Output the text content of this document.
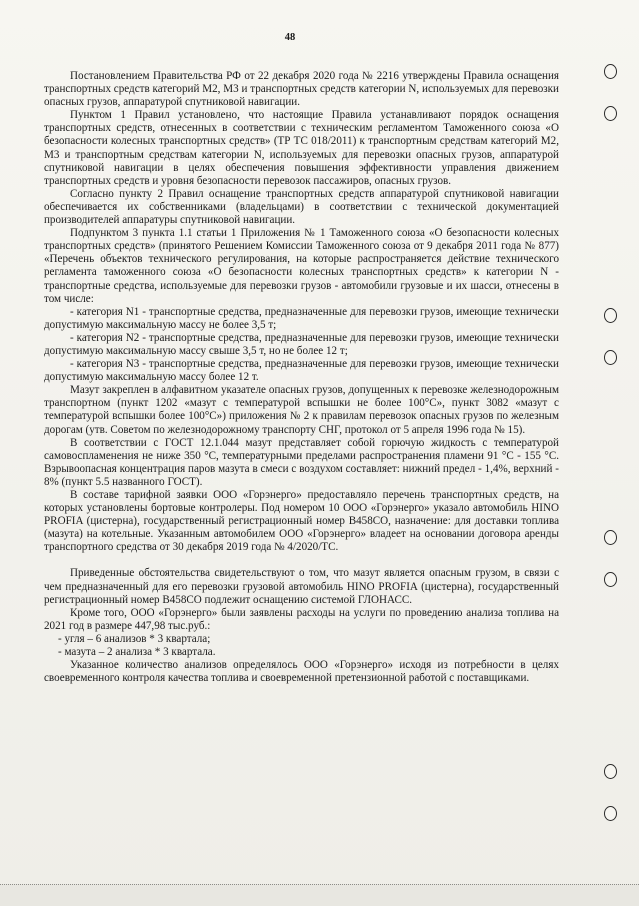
48

Постановлением Правительства РФ от 22 декабря 2020 года № 2216 утверждены Правила оснащения транспортных средств категорий М2, М3 и транспортных средств категории N, используемых для перевозки опасных грузов, аппаратурой спутниковой навигации.

Пунктом 1 Правил установлено, что настоящие Правила устанавливают порядок оснащения транспортных средств, отнесенных в соответствии с техническим регламентом Таможенного союза «О безопасности колесных транспортных средств» (ТР ТС 018/2011) к транспортным средствам категорий М2, М3 и транспортным средствам категории N, используемых для перевозки опасных грузов, аппаратурой спутниковой навигации в целях обеспечения повышения эффективности управления движением транспортных средств и уровня безопасности перевозок пассажиров, опасных грузов.

Согласно пункту 2 Правил оснащение транспортных средств аппаратурой спутниковой навигации обеспечивается их собственниками (владельцами) в соответствии с технической документацией производителей аппаратуры спутниковой навигации.

Подпунктом 3 пункта 1.1 статьи 1 Приложения № 1 Таможенного союза «О безопасности колесных транспортных средств» (принятого Решением Комиссии Таможенного союза от 9 декабря 2011 года № 877) «Перечень объектов технического регулирования, на которые распространяется действие технического регламента таможенного союза «О безопасности колесных транспортных средств» к категории N - транспортные средства, используемые для перевозки грузов - автомобили грузовые и их шасси, отнесены в том числе:

- категория N1 - транспортные средства, предназначенные для перевозки грузов, имеющие технически допустимую максимальную массу не более 3,5 т;

- категория N2 - транспортные средства, предназначенные для перевозки грузов, имеющие технически допустимую максимальную массу свыше 3,5 т, но не более 12 т;

- категория N3 - транспортные средства, предназначенные для перевозки грузов, имеющие технически допустимую максимальную массу более 12 т.

Мазут закреплен в алфавитном указателе опасных грузов, допущенных к перевозке железнодорожным транспортном (пункт 1202 «мазут с температурой вспышки не более 100°С», пункт 3082 «мазут с температурой вспышки более 100°С») приложения № 2 к правилам перевозок опасных грузов по железным дорогам (утв. Советом по железнодорожному транспорту СНГ, протокол от 5 апреля 1996 года № 15).

В соответствии с ГОСТ 12.1.044 мазут представляет собой горючую жидкость с температурой самовоспламенения не ниже 350 °С, температурными пределами распространения пламени 91 °С - 155 °С. Взрывоопасная концентрация паров мазута в смеси с воздухом составляет: нижний предел - 1,4%, верхний - 8% (пункт 5.5 названного ГОСТ).

В составе тарифной заявки ООО «Горэнерго» предоставляло перечень транспортных средств, на которых установлены бортовые контролеры. Под номером 10 ООО «Горэнерго» указало автомобиль HINO PROFIA (цистерна), государственный регистрационный номер В458СО, назначение: для доставки топлива (мазута) на котельные. Указанным автомобилем ООО «Горэнерго» владеет на основании договора аренды транспортного средства от 30 декабря 2019 года № 4/2020/ТС.

Приведенные обстоятельства свидетельствуют о том, что мазут является опасным грузом, в связи с чем предназначенный для его перевозки грузовой автомобиль HINO PROFIA (цистерна), государственный регистрационный номер В458СО подлежит оснащению системой ГЛОНАСС.

Кроме того, ООО «Горэнерго» были заявлены расходы на услуги по проведению анализа топлива на 2021 год в размере 447,98 тыс.руб.:

- угля – 6 анализов * 3 квартала;

- мазута – 2 анализа * 3 квартала.

Указанное количество анализов определялось ООО «Горэнерго» исходя из потребности в целях своевременного контроля качества топлива и своевременной претензионной работой с поставщиками.
